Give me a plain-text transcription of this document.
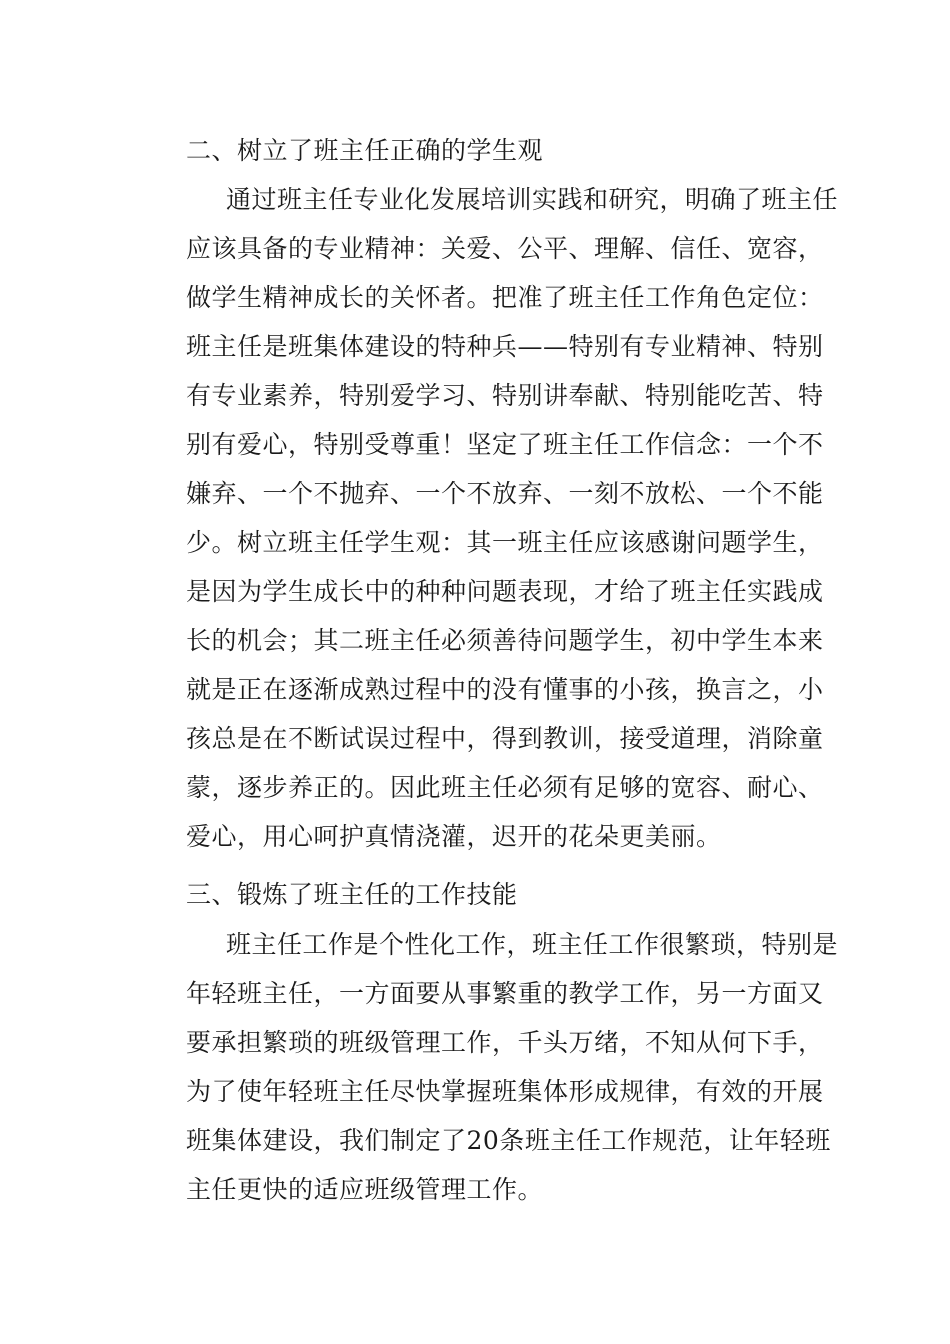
二、树立了班主任正确的学生观
通过班主任专业化发展培训实践和研究，明确了班主任
应该具备的专业精神：关爱、公平、理解、信任、宽容，
做学生精神成长的关怀者。把准了班主任工作角色定位：
班主任是班集体建设的特种兵——特别有专业精神、特别
有专业素养，特别爱学习、特别讲奉献、特别能吃苦、特
别有爱心，特别受尊重！坚定了班主任工作信念：一个不
嫌弃、一个不抛弃、一个不放弃、一刻不放松、一个不能
少。树立班主任学生观：其一班主任应该感谢问题学生，
是因为学生成长中的种种问题表现，才给了班主任实践成
长的机会；其二班主任必须善待问题学生，初中学生本来
就是正在逐渐成熟过程中的没有懂事的小孩，换言之，小
孩总是在不断试误过程中，得到教训，接受道理，消除童
蒙，逐步养正的。因此班主任必须有足够的宽容、耐心、
爱心，用心呵护真情浇灌，迟开的花朵更美丽。
三、锻炼了班主任的工作技能
班主任工作是个性化工作，班主任工作很繁琐，特别是
年轻班主任，一方面要从事繁重的教学工作，另一方面又
要承担繁琐的班级管理工作，千头万绪，不知从何下手，
为了使年轻班主任尽快掌握班集体形成规律，有效的开展
班集体建设，我们制定了20条班主任工作规范，让年轻班
主任更快的适应班级管理工作。
